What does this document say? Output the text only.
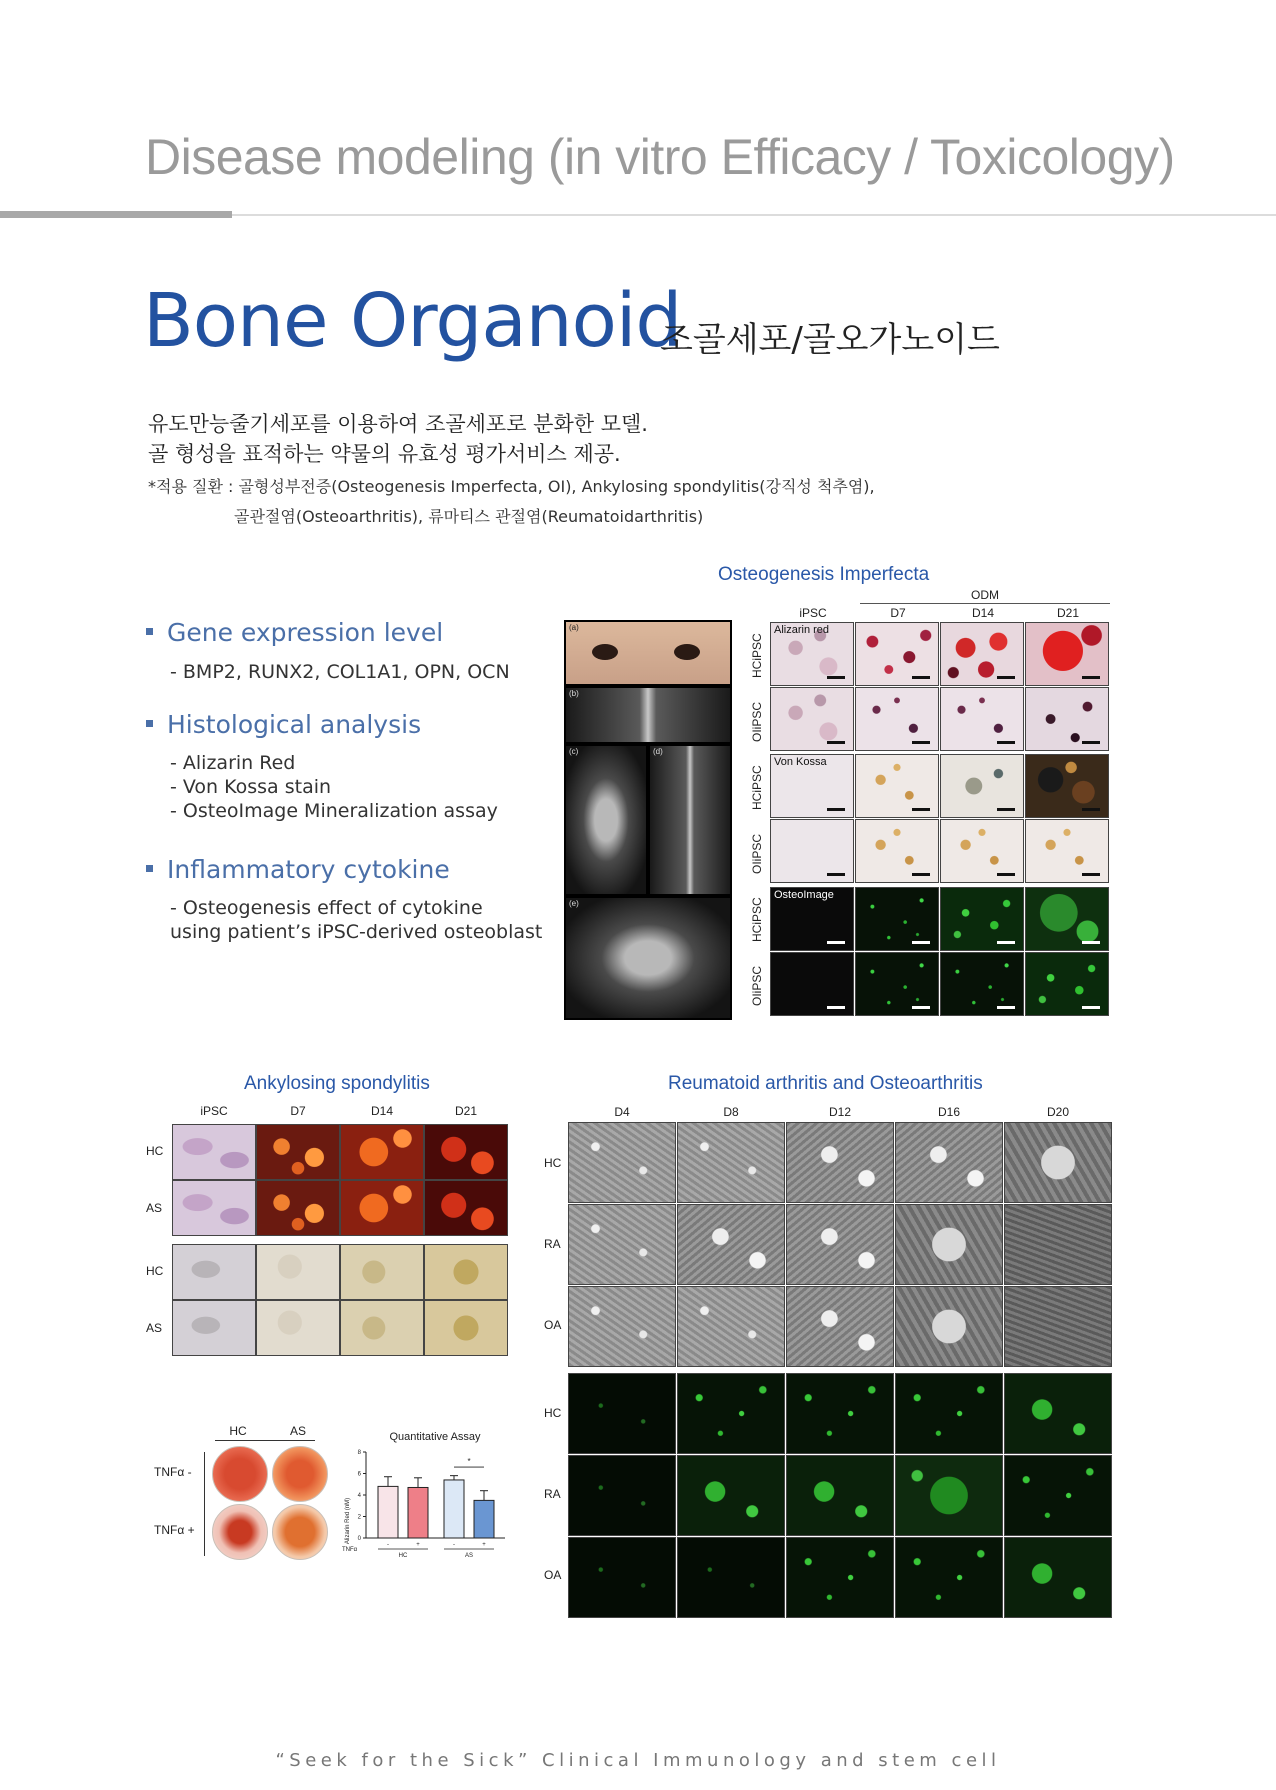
Disease modeling (in vitro Efficacy / Toxicology)
Bone Organoid
조골세포/골오가노이드
유도만능줄기세포를 이용하여 조골세포로 분화한 모델.
골 형성을 표적하는 약물의 유효성 평가서비스 제공.
*적용 질환 : 골형성부전증(Osteogenesis Imperfecta, OI), Ankylosing spondylitis(강직성 척추염),
골관절염(Osteoarthritis), 류마티스 관절염(Reumatoidarthritis)
Gene expression level
- BMP2, RUNX2, COL1A1, OPN, OCN
Histological analysis
- Alizarin Red
- Von Kossa stain
- OsteoImage Mineralization assay
Inflammatory cytokine
- Osteogenesis effect of cytokine
using patient’s iPSC-derived osteoblast
Osteogenesis Imperfecta
ODM
iPSC	D7	D14	D21
(a)
(b)
(c)	(d)
(e)
HCiPSC
OIiPSC
HCiPSC
OIiPSC
HCiPSC
OIiPSC
Alizarin red
Von Kossa
OsteoImage
Ankylosing spondylitis
iPSC	D7	D14	D21
HC
AS
HC
AS
HC	AS
TNFα -
TNFα +
Quantitative Assay
Alizarin Red (nM)
TNFα
0
2
4
6
8
-	+	-	+
HC	AS
*
Reumatoid arthritis and Osteoarthritis
D4	D8	D12	D16	D20
HC
RA
OA
HC
RA
OA
“Seek for the Sick” Clinical Immunology and stem cell
